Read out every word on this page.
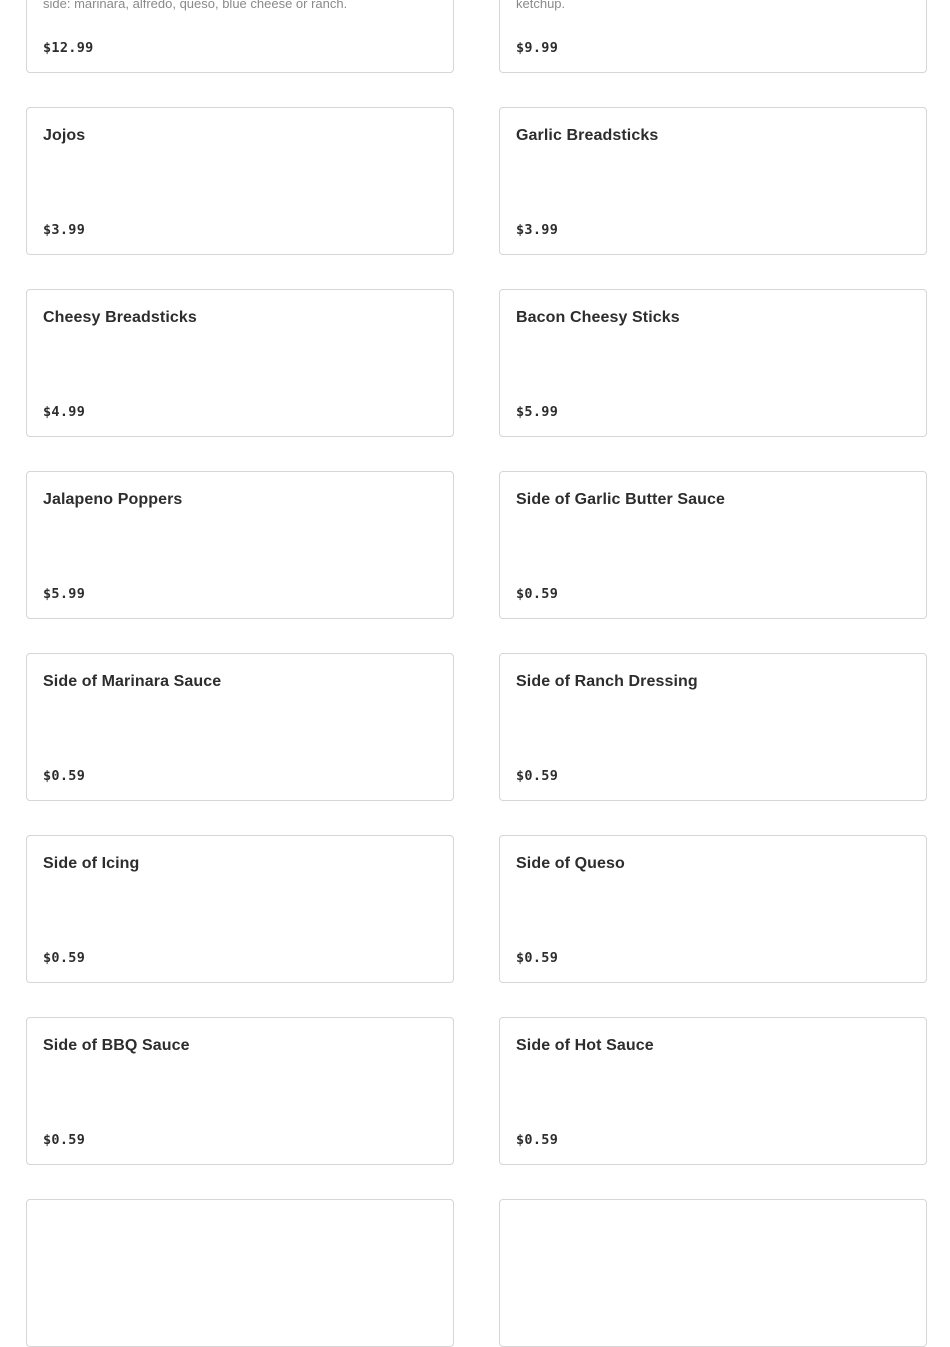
side: marinara, alfredo, queso, blue cheese or ranch.
$12.99
ketchup.
$9.99
Jojos
$3.99
Garlic Breadsticks
$3.99
Cheesy Breadsticks
$4.99
Bacon Cheesy Sticks
$5.99
Jalapeno Poppers
$5.99
Side of Garlic Butter Sauce
$0.59
Side of Marinara Sauce
$0.59
Side of Ranch Dressing
$0.59
Side of Icing
$0.59
Side of Queso
$0.59
Side of BBQ Sauce
$0.59
Side of Hot Sauce
$0.59
